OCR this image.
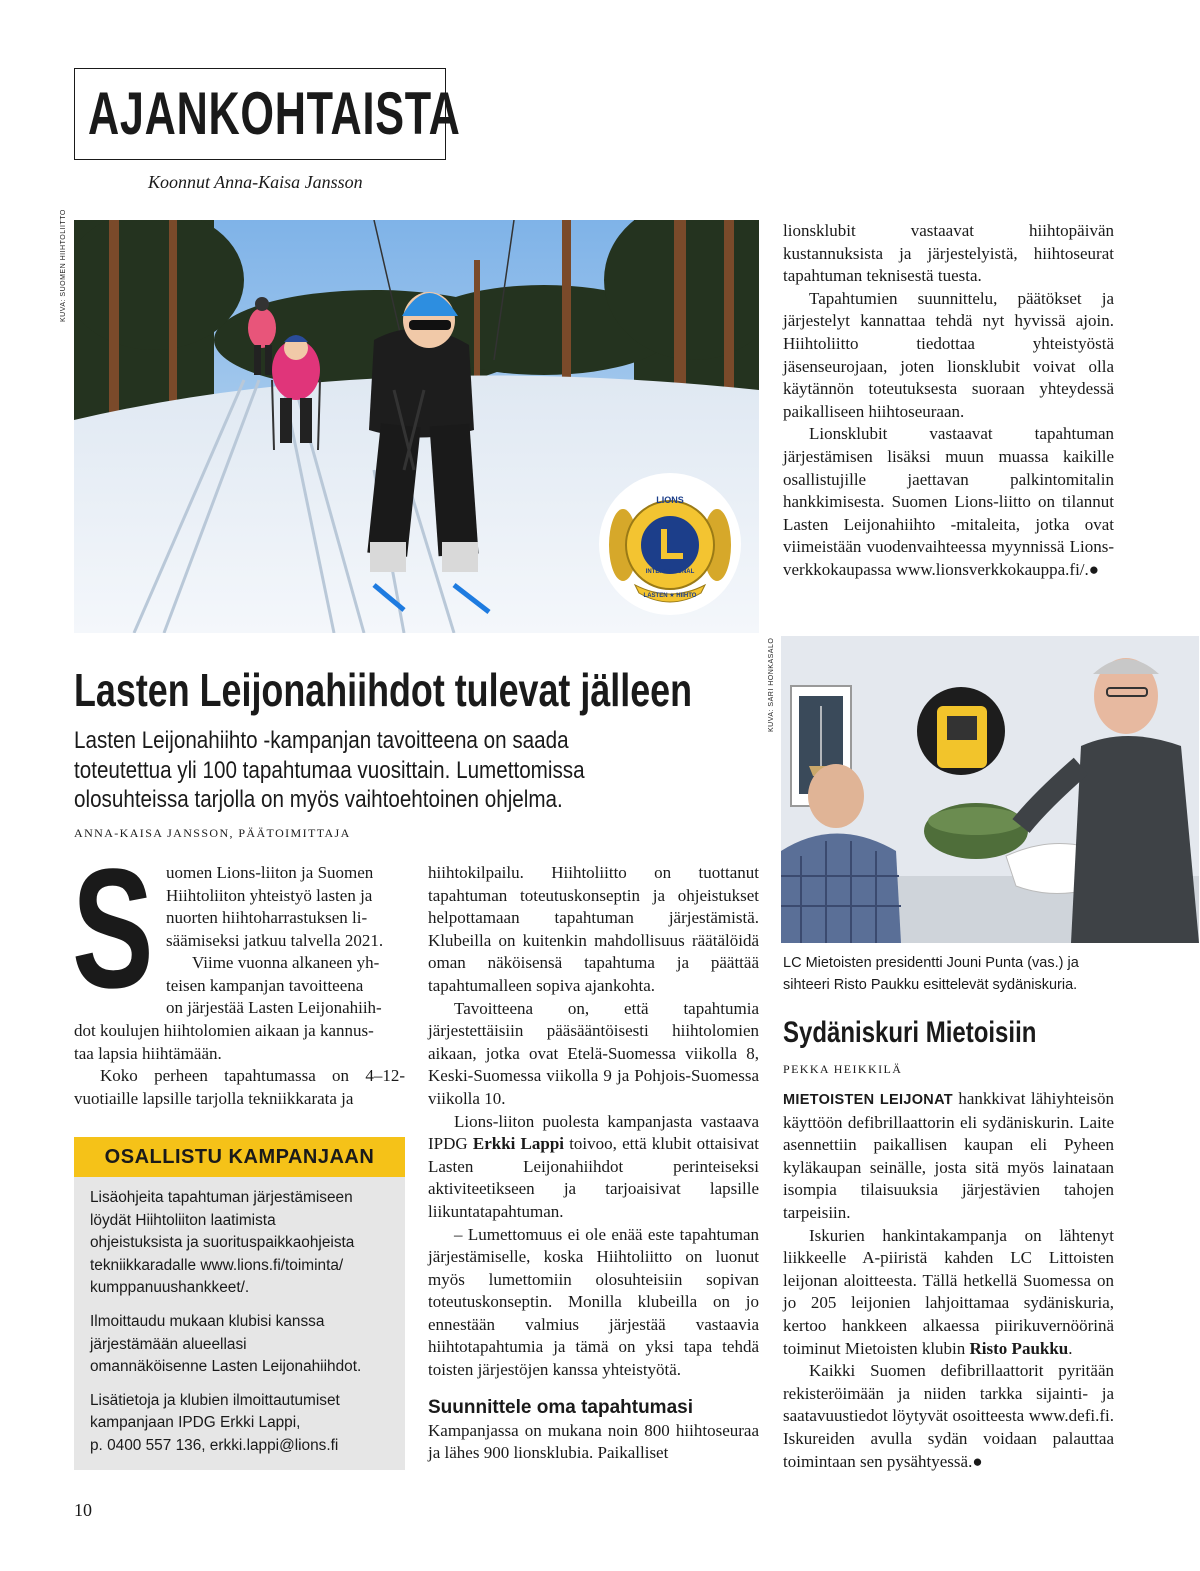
AJANKOHTAISTA
Koonnut Anna-Kaisa Jansson
KUVA: SUOMEN HIIHTOLIITTO
LIONS
INTERNATIONAL
LASTEN ★ HIIHTO
Lasten Leijonahiihdot tulevat jälleen
Lasten Leijonahiihto -kampanjan tavoitteena on saada
toteutettua yli 100 tapahtumaa vuosittain. Lumettomissa
olosuhteissa tarjolla on myös vaihtoehtoinen ohjelma.
ANNA-KAISA JANSSON, PÄÄTOIMITTAJA
S uomen Lions-liiton ja Suomen
Hiihtoliiton yhteistyö lasten ja
nuorten hiihtoharrastuksen li-
säämiseksi jatkuu talvella 2021.
Viime vuonna alkaneen yh-
teisen kampanjan tavoitteena
on järjestää Lasten Leijonahiih-
dot koulujen hiihtolomien aikaan ja kannus-
taa lapsia hiihtämään.

Koko perheen tapahtumassa on 4–12-vuotiaille lapsille tarjolla tekniikkarata ja

OSALLISTU KAMPANJAAN

Lisäohjeita tapahtuman järjestämiseen
löydät Hiihtoliiton laatimista
ohjeistuksista ja suorituspaikkaohjeista
tekniikkaradalle www.lions.fi/toiminta/
kumppanuushankkeet/.

Ilmoittaudu mukaan klubisi kanssa
järjestämään alueellasi
omannäköisenne Lasten Leijonahiihdot.

Lisätietoja ja klubien ilmoittautumiset
kampanjaan IPDG Erkki Lappi,
p. 0400 557 136, erkki.lappi@lions.fi

hiihtokilpailu. Hiihtoliitto on tuottanut tapahtuman toteutuskonseptin ja ohjeistukset helpottamaan tapahtuman järjestämistä. Klubeilla on kuitenkin mahdollisuus räätälöidä oman näköisensä tapahtuma ja päättää tapahtumalleen sopiva ajankohta.

Tavoitteena on, että tapahtumia järjestettäisiin pääsääntöisesti hiihtolomien aikaan, jotka ovat Etelä-Suomessa viikolla 8, Keski-Suomessa viikolla 9 ja Pohjois-Suomessa viikolla 10.

Lions-liiton puolesta kampanjasta vastaava IPDG Erkki Lappi toivoo, että klubit ottaisivat Lasten Leijonahiihdot perinteiseksi aktiviteetikseen ja tarjoaisivat lapsille liikuntatapahtuman.

– Lumettomuus ei ole enää este tapahtuman järjestämiselle, koska Hiihtoliitto on luonut myös lumettomiin olosuhteisiin sopivan toteutuskonseptin. Monilla klubeilla on jo ennestään valmius järjestää vastaavia hiihtotapahtumia ja tämä on yksi tapa tehdä toisten järjestöjen kanssa yhteistyötä.

Suunnittele oma tapahtumasi

Kampanjassa on mukana noin 800 hiihtoseuraa ja lähes 900 lionsklubia. Paikalliset

lionsklubit vastaavat hiihtopäivän kustannuksista ja järjestelyistä, hiihtoseurat tapahtuman teknisestä tuesta.

Tapahtumien suunnittelu, päätökset ja järjestelyt kannattaa tehdä nyt hyvissä ajoin. Hiihtoliitto tiedottaa yhteistyöstä jäsenseurojaan, joten lionsklubit voivat olla käytännön toteutuksesta suoraan yhteydessä paikalliseen hiihtoseuraan.

Lionsklubit vastaavat tapahtuman järjestämisen lisäksi muun muassa kaikille osallistujille jaettavan palkintomitalin hankkimisesta. Suomen Lions-liitto on tilannut Lasten Leijonahiihto -mitaleita, jotka ovat viimeistään vuodenvaihteessa myynnissä Lions-verkkokaupassa www.lionsverkkokauppa.fi/.●

KUVA: SARI HONKASALO
LC Mietoisten presidentti Jouni Punta (vas.) ja
sihteeri Risto Paukku esittelevät sydäniskuria.
Sydäniskuri Mietoisiin
PEKKA HEIKKILÄ

MIETOISTEN LEIJONAT hankkivat lähiyhteisön käyttöön defibrillaattorin eli sydäniskurin. Laite asennettiin paikallisen kaupan eli Pyheen kyläkaupan seinälle, josta sitä myös lainataan isompia tilaisuuksia järjestävien tahojen tarpeisiin.

Iskurien hankintakampanja on lähtenyt liikkeelle A-piiristä kahden LC Littoisten leijonan aloitteesta. Tällä hetkellä Suomessa on jo 205 leijonien lahjoittamaa sydäniskuria, kertoo hankkeen alkaessa piirikuvernöörinä toiminut Mietoisten klubin Risto Paukku.

Kaikki Suomen defibrillaattorit pyritään rekisteröimään ja niiden tarkka sijainti- ja saatavuustiedot löytyvät osoitteesta www.defi.fi. Iskureiden avulla sydän voidaan palauttaa toimintaan sen pysähtyessä.●

10
